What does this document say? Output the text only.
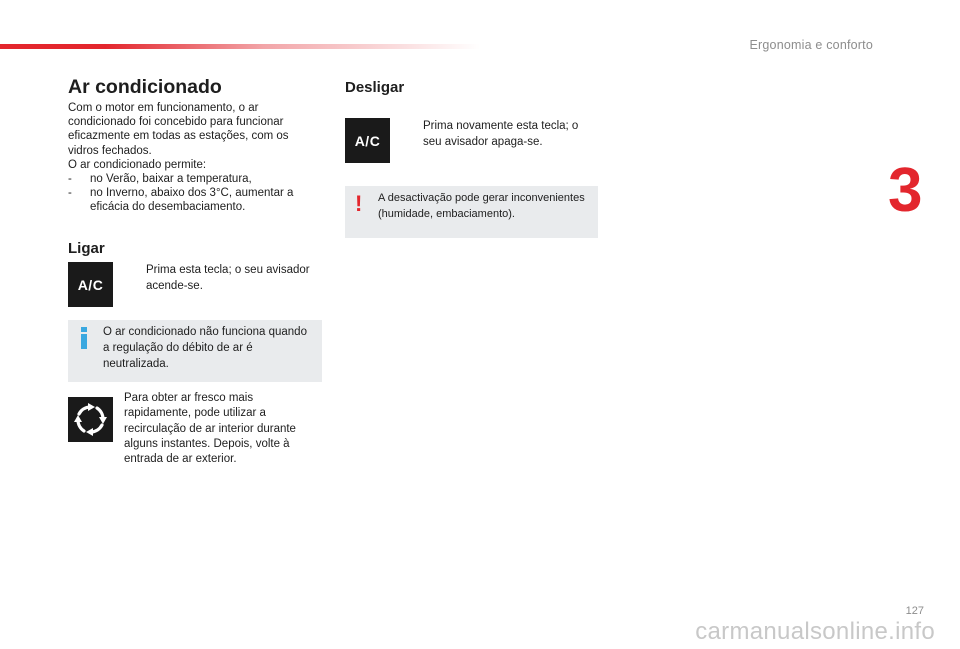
Ergonomia e conforto
3
Ar condicionado

Com o motor em funcionamento, o ar condicionado foi concebido para funcionar eficazmente em todas as estações, com os vidros fechados.

O ar condicionado permite:

- no Verão, baixar a temperatura,
- no Inverno, abaixo dos 3°C, aumentar a eficácia do desembaciamento.
Ligar
A/C
Prima esta tecla; o seu avisador acende-se.
O ar condicionado não funciona quando a regulação do débito de ar é neutralizada.
Para obter ar fresco mais rapidamente, pode utilizar a recirculação de ar interior durante alguns instantes. Depois, volte à entrada de ar exterior.
Desligar
A/C
Prima novamente esta tecla; o seu avisador apaga-se.
! A desactivação pode gerar inconvenientes (humidade, embaciamento).
127
carmanualsonline.info
